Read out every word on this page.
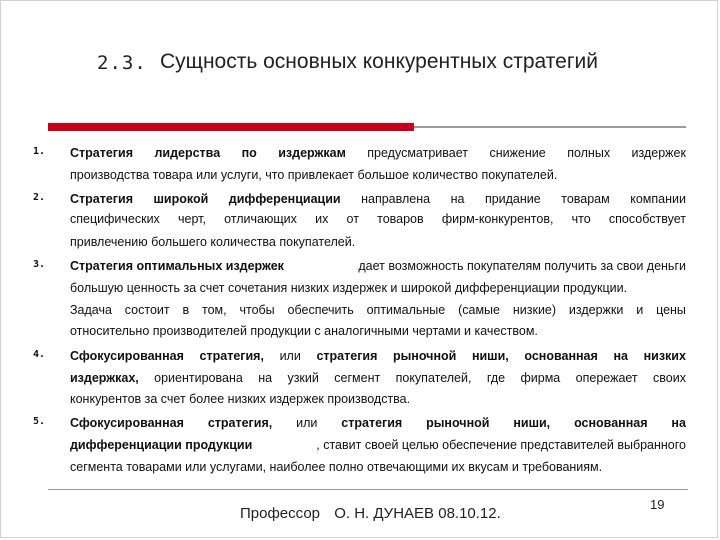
2.3. Сущность основных конкурентных стратегий
1. Стратегия лидерства по издержкам предусматривает снижение полных издержек
производства товара или услуги, что привлекает большое количество покупателей.
2. Стратегия широкой дифференциации направлена на придание товарам компании
специфических черт, отличающих их от товаров фирм-конкурентов, что способствует
привлечению большего количества покупателей.
3. Стратегия оптимальных издержек	дает возможность покупателям получить за свои деньги
большую ценность за счет сочетания низких издержек и широкой дифференциации продукции.
Задача состоит в том, чтобы обеспечить оптимальные (самые низкие) издержки и цены
относительно производителей продукции с аналогичными чертами и качеством.
4. Сфокусированная стратегия, или стратегия рыночной ниши, основанная на низких
издержках, ориентирована на узкий сегмент покупателей, где фирма опережает своих
конкурентов за счет более низких издержек производства.
5. Сфокусированная стратегия, или стратегия рыночной ниши, основанная на
дифференциации продукции	, ставит своей целью обеспечение представителей выбранного
сегмента товарами или услугами, наиболее полно отвечающими их вкусам и требованиям.
Профессор О. Н. ДУНАЕВ 08.10.12.
19
